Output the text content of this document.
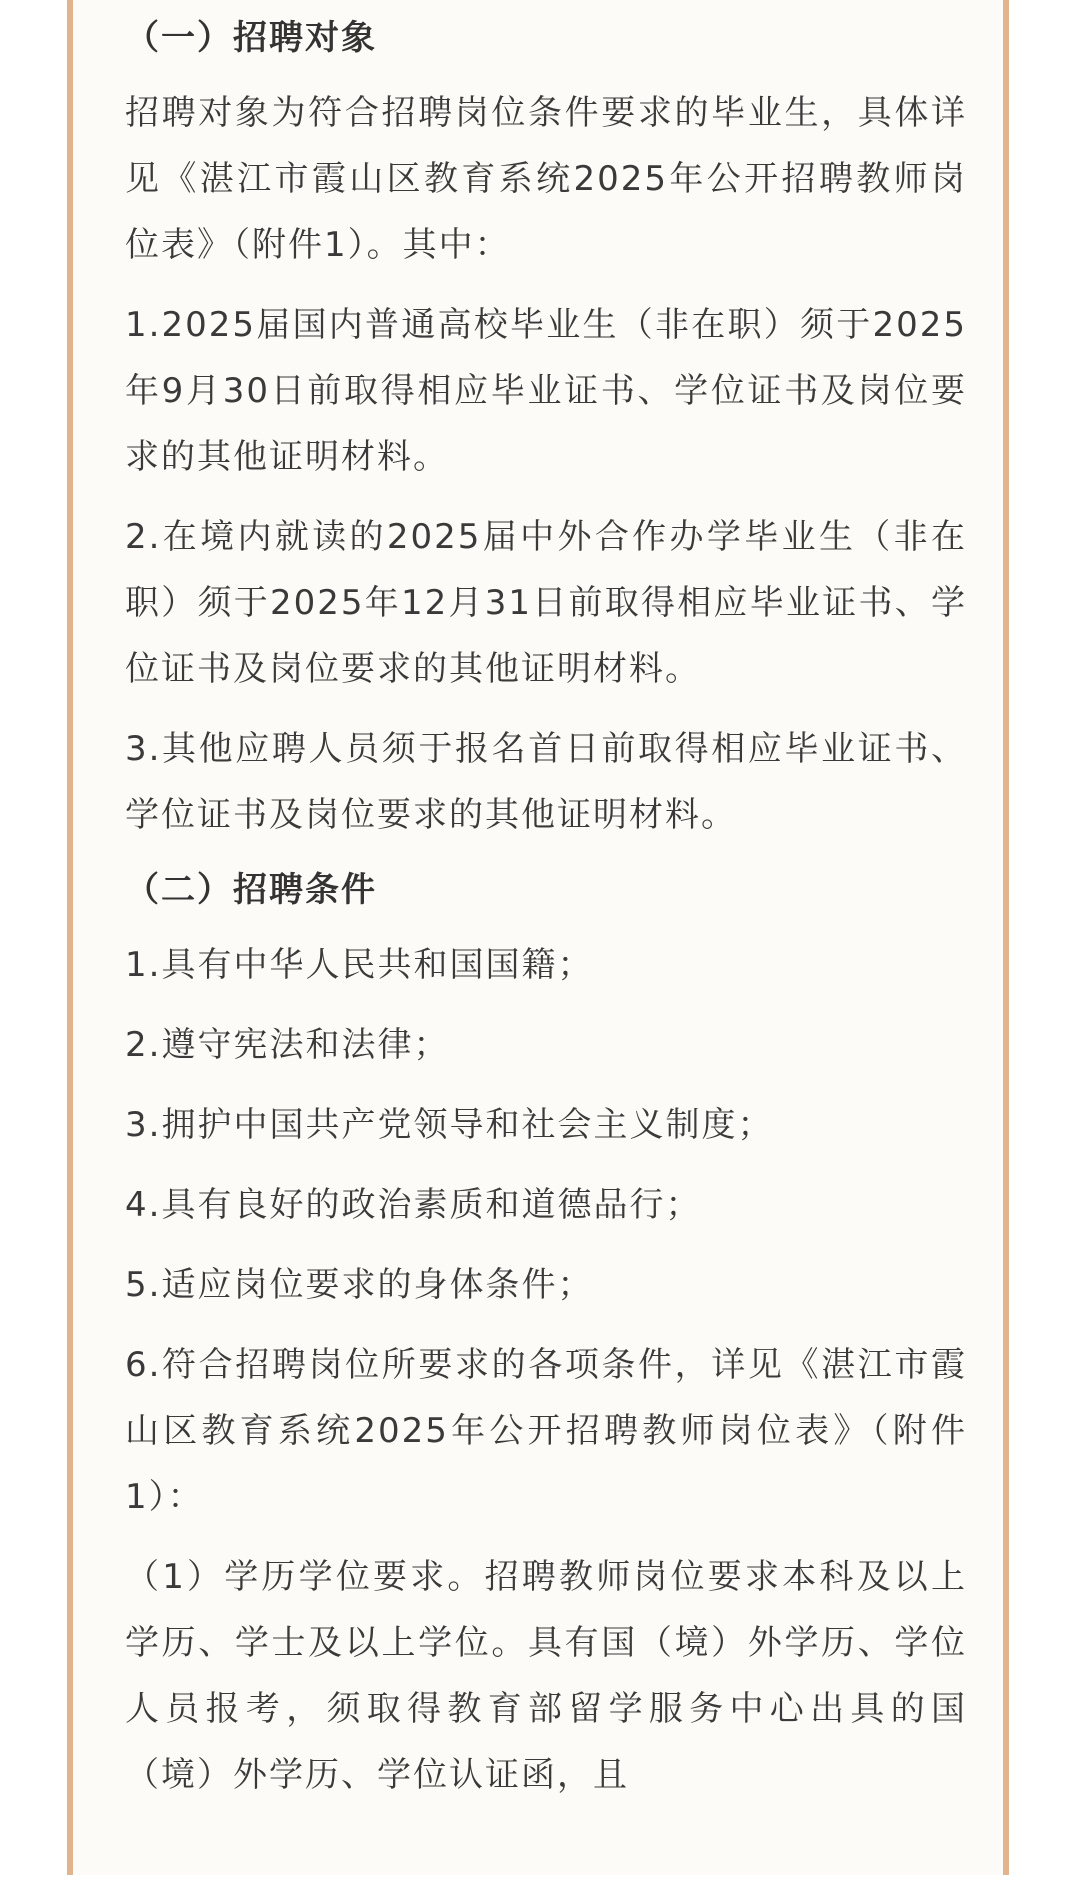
（一）招聘对象

招聘对象为符合招聘岗位条件要求的毕业生，具体详见《湛江市霞山区教育系统2025年公开招聘教师岗位表》（附件1）。其中：

1.2025届国内普通高校毕业生（非在职）须于2025年9月30日前取得相应毕业证书、学位证书及岗位要求的其他证明材料。

2.在境内就读的2025届中外合作办学毕业生（非在职）须于2025年12月31日前取得相应毕业证书、学位证书及岗位要求的其他证明材料。

3.其他应聘人员须于报名首日前取得相应毕业证书、学位证书及岗位要求的其他证明材料。

（二）招聘条件

1.具有中华人民共和国国籍；

2.遵守宪法和法律；

3.拥护中国共产党领导和社会主义制度；

4.具有良好的政治素质和道德品行；

5.适应岗位要求的身体条件；

6.符合招聘岗位所要求的各项条件，详见《湛江市霞山区教育系统2025年公开招聘教师岗位表》（附件1）：

（1）学历学位要求。招聘教师岗位要求本科及以上学历、学士及以上学位。具有国（境）外学历、学位人员报考，须取得教育部留学服务中心出具的国（境）外学历、学位认证函，且
